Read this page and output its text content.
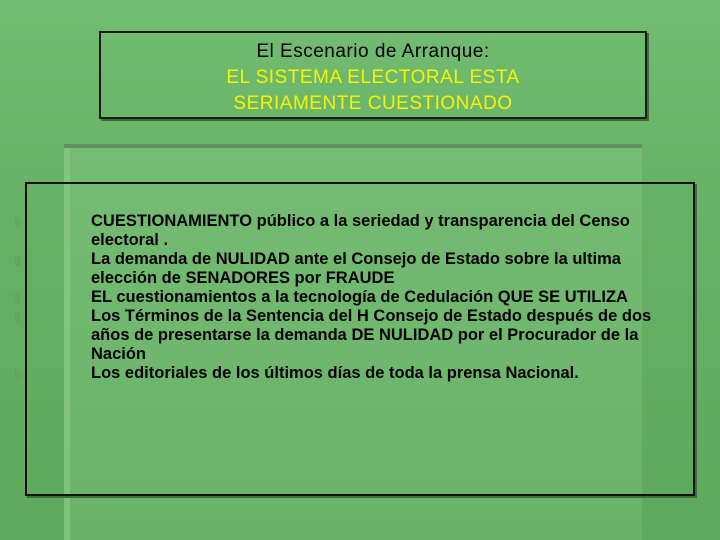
El Escenario de Arranque:
EL SISTEMA ELECTORAL ESTA
SERIAMENTE CUESTIONADO
§	CUESTIONAMIENTO público a la seriedad y transparencia del Censo electoral .
§	La demanda de NULIDAD ante el Consejo de Estado sobre la ultima elección de SENADORES por FRAUDE
§	EL cuestionamientos a la tecnología de Cedulación QUE SE UTILIZA
§	Los Términos de la Sentencia del H Consejo de Estado después de dos años de presentarse la demanda DE NULIDAD por el Procurador de la Nación
§	Los editoriales de los últimos días de toda la prensa Nacional.
